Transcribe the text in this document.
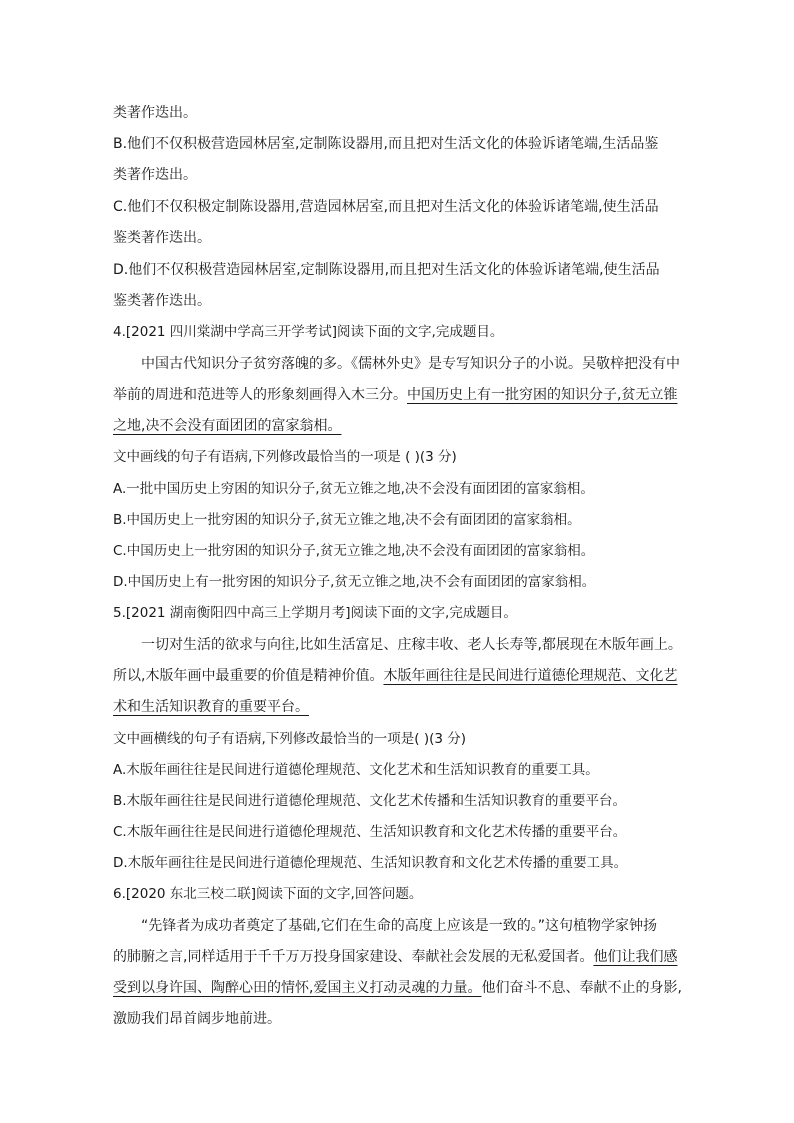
类著作迭出。
B.他们不仅积极营造园林居室,定制陈设器用,而且把对生活文化的体验诉诸笔端,生活品鉴
类著作迭出。
C.他们不仅积极定制陈设器用,营造园林居室,而且把对生活文化的体验诉诸笔端,使生活品
鉴类著作迭出。
D.他们不仅积极营造园林居室,定制陈设器用,而且把对生活文化的体验诉诸笔端,使生活品
鉴类著作迭出。
4.[2021 四川棠湖中学高三开学考试]阅读下面的文字,完成题目。
中国古代知识分子贫穷落魄的多。《儒林外史》是专写知识分子的小说。吴敬梓把没有中
举前的周进和范进等人的形象刻画得入木三分。中国历史上有一批穷困的知识分子,贫无立锥
之地,决不会没有面团团的富家翁相。
文中画线的句子有语病,下列修改最恰当的一项是 ( )(3 分)
A.一批中国历史上穷困的知识分子,贫无立锥之地,决不会没有面团团的富家翁相。
B.中国历史上一批穷困的知识分子,贫无立锥之地,决不会有面团团的富家翁相。
C.中国历史上一批穷困的知识分子,贫无立锥之地,决不会没有面团团的富家翁相。
D.中国历史上有一批穷困的知识分子,贫无立锥之地,决不会有面团团的富家翁相。
5.[2021 湖南衡阳四中高三上学期月考]阅读下面的文字,完成题目。
一切对生活的欲求与向往,比如生活富足、庄稼丰收、老人长寿等,都展现在木版年画上。
所以,木版年画中最重要的价值是精神价值。木版年画往往是民间进行道德伦理规范、文化艺
术和生活知识教育的重要平台。
文中画横线的句子有语病,下列修改最恰当的一项是( )(3 分)
A.木版年画往往是民间进行道德伦理规范、文化艺术和生活知识教育的重要工具。
B.木版年画往往是民间进行道德伦理规范、文化艺术传播和生活知识教育的重要平台。
C.木版年画往往是民间进行道德伦理规范、生活知识教育和文化艺术传播的重要平台。
D.木版年画往往是民间进行道德伦理规范、生活知识教育和文化艺术传播的重要工具。
6.[2020 东北三校二联]阅读下面的文字,回答问题。
“先锋者为成功者奠定了基础,它们在生命的高度上应该是一致的。”这句植物学家钟扬
的肺腑之言,同样适用于千千万万投身国家建设、奉献社会发展的无私爱国者。他们让我们感
受到以身许国、陶醉心田的情怀,爱国主义打动灵魂的力量。他们奋斗不息、奉献不止的身影,
激励我们昂首阔步地前进。
